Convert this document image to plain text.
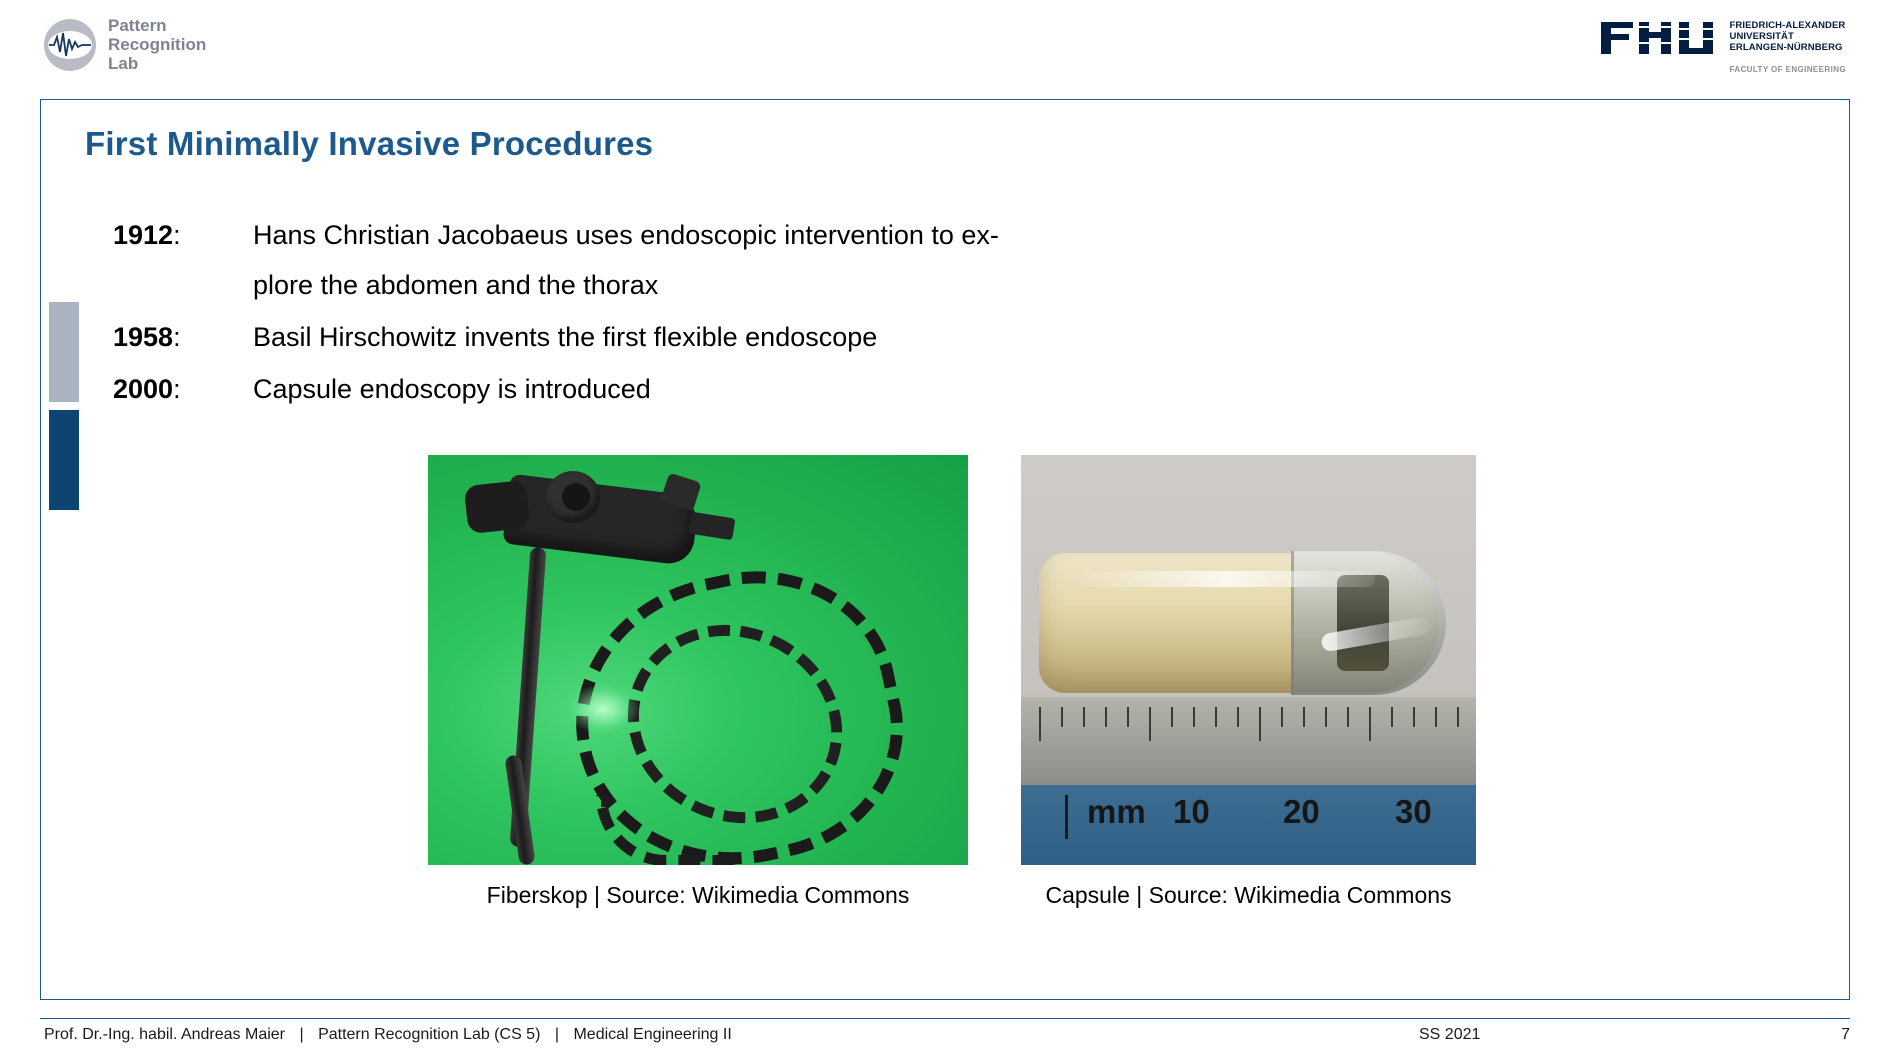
Pattern
Recognition
Lab
FRIEDRICH-ALEXANDER
UNIVERSITÄT
ERLANGEN-NÜRNBERG
FACULTY OF ENGINEERING
First Minimally Invasive Procedures
1912:	Hans Christian Jacobaeus uses endoscopic intervention to ex-
plore the abdomen and the thorax
1958:	Basil Hirschowitz invents the first flexible endoscope
2000:	Capsule endoscopy is introduced
Fiberskop | Source: Wikimedia Commons
mm 10 20 30
Capsule | Source: Wikimedia Commons
Prof. Dr.-Ing. habil. Andreas Maier | Pattern Recognition Lab (CS 5) | Medical Engineering II	SS 2021	7
